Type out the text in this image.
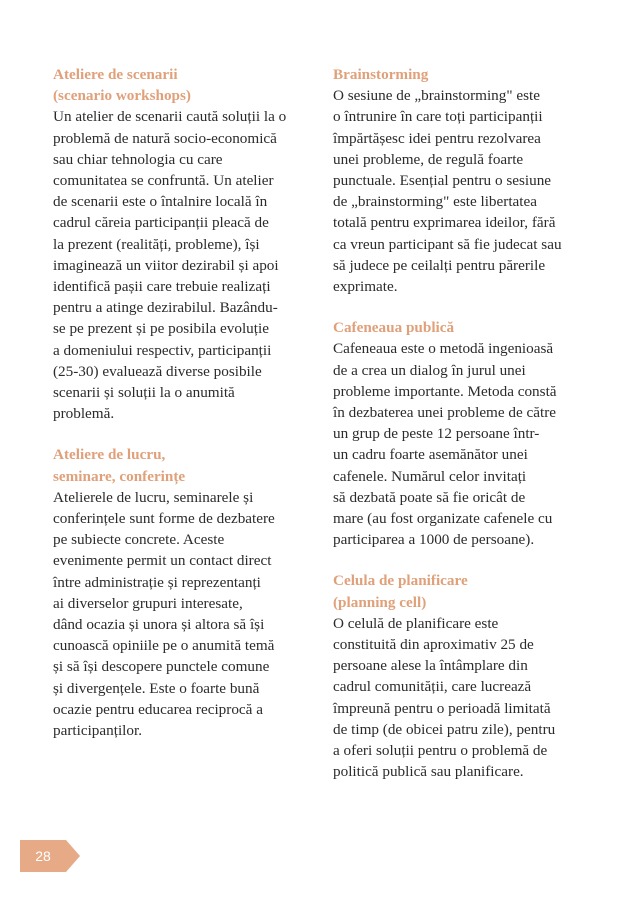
Ateliere de scenarii
(scenario workshops)
Un atelier de scenarii caută soluții la o
problemă de natură socio-economică
sau chiar tehnologia cu care
comunitatea se confruntă. Un atelier
de scenarii este o întalnire locală în
cadrul căreia participanții pleacă de
la prezent (realități, probleme), își
imaginează un viitor dezirabil și apoi
identifică pașii care trebuie realizați
pentru a atinge dezirabilul. Bazându-
se pe prezent și pe posibila evoluție
a domeniului respectiv, participanții
(25-30) evaluează diverse posibile
scenarii și soluții la o anumită
problemă.
Ateliere de lucru,
seminare, conferințe
Atelierele de lucru, seminarele și
conferințele sunt forme de dezbatere
pe subiecte concrete. Aceste
evenimente permit un contact direct
între administrație și reprezentanți
ai diverselor grupuri interesate,
dând ocazia și unora și altora să își
cunoască opiniile pe o anumită temă
și să își descopere punctele comune
și divergențele. Este o foarte bună
ocazie pentru educarea reciprocă a
participanților.
Brainstorming
O sesiune de „brainstorming" este
o întrunire în care toți participanții
împărtășesc idei pentru rezolvarea
unei probleme, de regulă foarte
punctuale. Esențial pentru o sesiune
de „brainstorming" este libertatea
totală pentru exprimarea ideilor, fără
ca vreun participant să fie judecat sau
să judece pe ceilalți pentru părerile
exprimate.
Cafeneaua publică
Cafeneaua este o metodă ingenioasă
de a crea un dialog în jurul unei
probleme importante. Metoda constă
în dezbaterea unei probleme de către
un grup de peste 12 persoane într-
un cadru foarte asemănător unei
cafenele. Numărul celor invitați
să dezbată poate să fie oricât de
mare (au fost organizate cafenele cu
participarea a 1000 de persoane).
Celula de planificare
(planning cell)
O celulă de planificare este
constituită din aproximativ 25 de
persoane alese la întâmplare din
cadrul comunității, care lucrează
împreună pentru o perioadă limitată
de timp (de obicei patru zile), pentru
a oferi soluții pentru o problemă de
politică publică sau planificare.
28
